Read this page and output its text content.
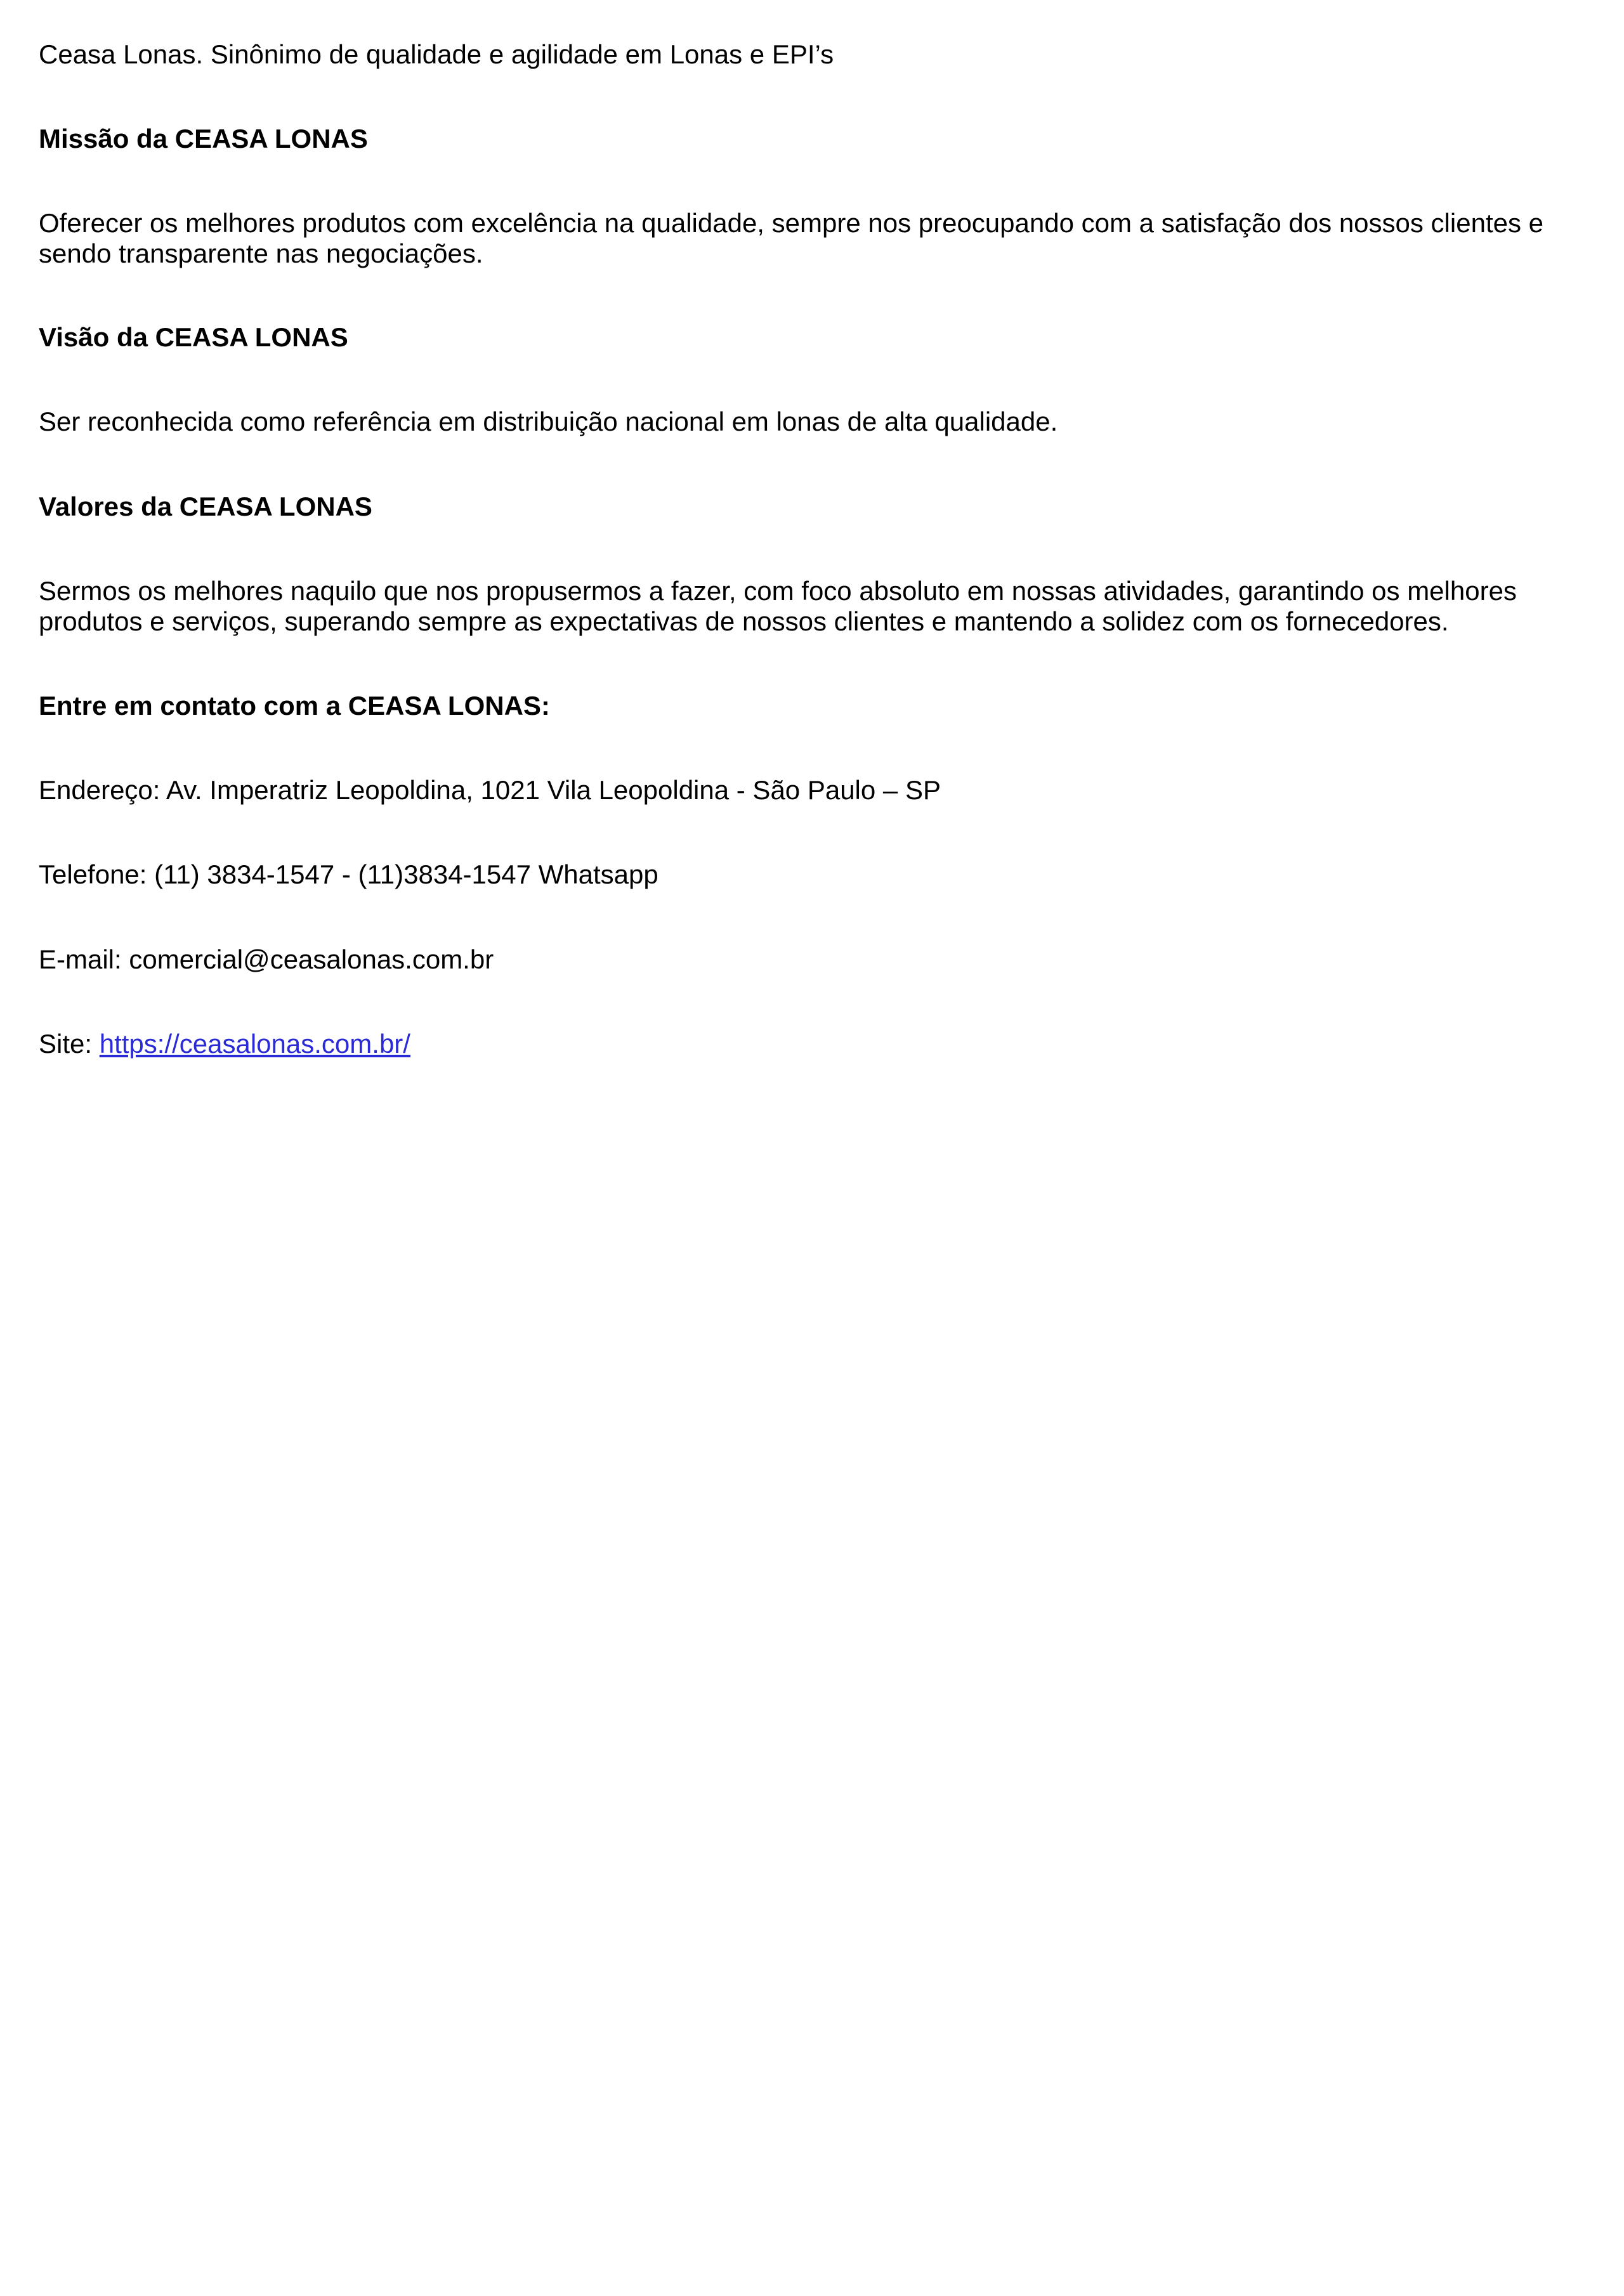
Ceasa Lonas. Sinônimo de qualidade e agilidade em Lonas e EPI’s

Missão da CEASA LONAS

Oferecer os melhores produtos com excelência na qualidade, sempre nos preocupando com a satisfação dos nossos clientes e sendo transparente nas negociações.

Visão da CEASA LONAS

Ser reconhecida como referência em distribuição nacional em lonas de alta qualidade.

Valores da CEASA LONAS

Sermos os melhores naquilo que nos propusermos a fazer, com foco absoluto em nossas atividades, garantindo os melhores produtos e serviços, superando sempre as expectativas de nossos clientes e mantendo a solidez com os fornecedores.

Entre em contato com a CEASA LONAS:

Endereço: Av. Imperatriz Leopoldina, 1021 Vila Leopoldina - São Paulo – SP

Telefone: (11) 3834-1547 - (11)3834-1547 Whatsapp

E-mail: comercial@ceasalonas.com.br

Site: https://ceasalonas.com.br/
